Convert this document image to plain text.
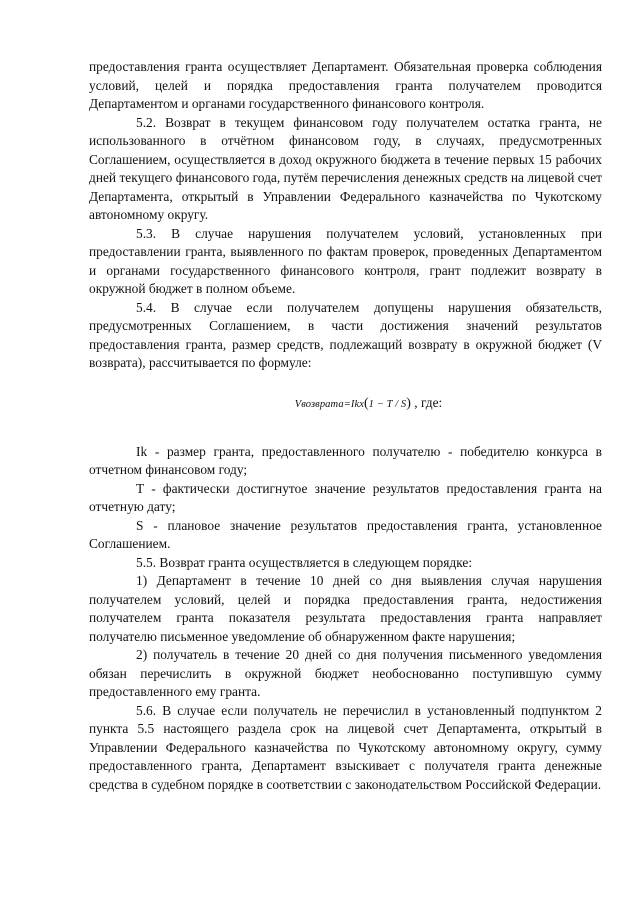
предоставления гранта осуществляет Департамент. Обязательная проверка соблюдения условий, целей и порядка предоставления гранта получателем проводится Департаментом и органами государственного финансового контроля.

5.2. Возврат в текущем финансовом году получателем остатка гранта, не использованного в отчётном финансовом году, в случаях, предусмотренных Соглашением, осуществляется в доход окружного бюджета в течение первых 15 рабочих дней текущего финансового года, путём перечисления денежных средств на лицевой счет Департамента, открытый в Управлении Федерального казначейства по Чукотскому автономному округу.

5.3. В случае нарушения получателем условий, установленных при предоставлении гранта, выявленного по фактам проверок, проведенных Департаментом и органами государственного финансового контроля, грант подлежит возврату в окружной бюджет в полном объеме.

5.4. В случае если получателем допущены нарушения обязательств, предусмотренных Соглашением, в части достижения значений результатов предоставления гранта, размер средств, подлежащий возврату в окружной бюджет (V возврата), рассчитывается по формуле:

Vвозврата=Ikx(1 − T / S) , где:

Ik - размер гранта, предоставленного получателю - победителю конкурса в отчетном финансовом году;

T - фактически достигнутое значение результатов предоставления гранта на отчетную дату;

S - плановое значение результатов предоставления гранта, установленное Соглашением.

5.5. Возврат гранта осуществляется в следующем порядке:

1) Департамент в течение 10 дней со дня выявления случая нарушения получателем условий, целей и порядка предоставления гранта, недостижения получателем гранта показателя результата предоставления гранта направляет получателю письменное уведомление об обнаруженном факте нарушения;

2) получатель в течение 20 дней со дня получения письменного уведомления обязан перечислить в окружной бюджет необоснованно поступившую сумму предоставленного ему гранта.

5.6. В случае если получатель не перечислил в установленный подпунктом 2 пункта 5.5 настоящего раздела срок на лицевой счет Департамента, открытый в Управлении Федерального казначейства по Чукотскому автономному округу, сумму предоставленного гранта, Департамент взыскивает с получателя гранта денежные средства в судебном порядке в соответствии с законодательством Российской Федерации.
